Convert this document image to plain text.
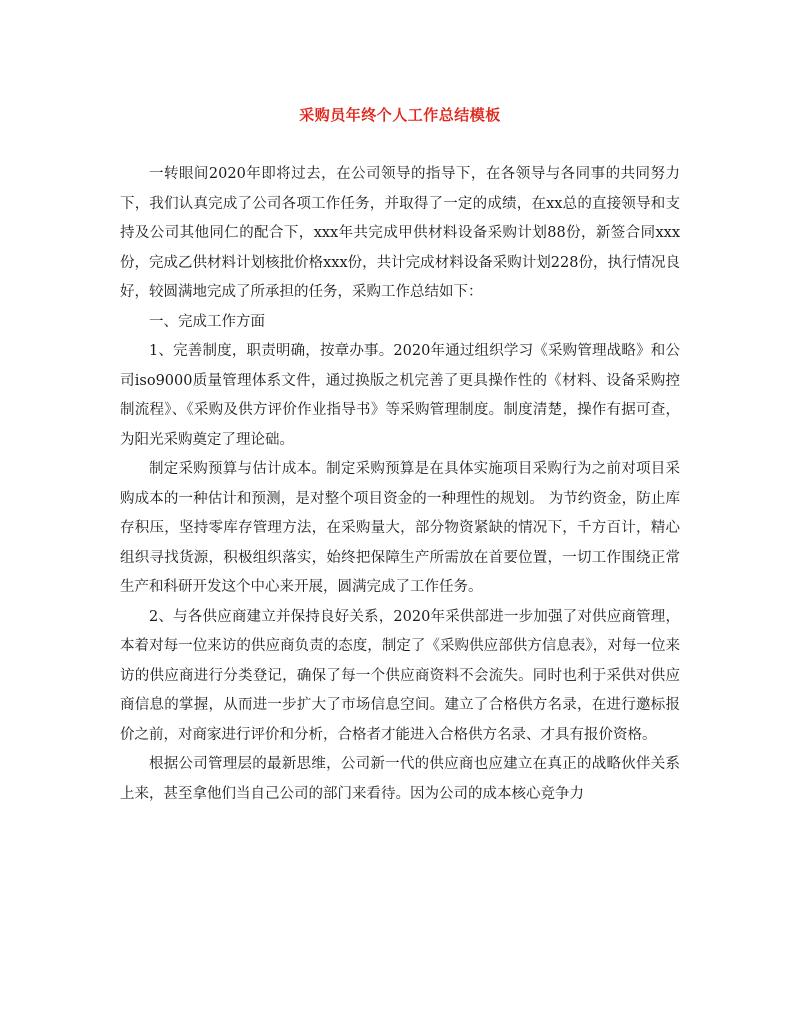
采购员年终个人工作总结模板

一转眼间2020年即将过去，在公司领导的指导下，在各领导与各同事的共同努力下，我们认真完成了公司各项工作任务，并取得了一定的成绩，在xx总的直接领导和支持及公司其他同仁的配合下，xxx年共完成甲供材料设备采购计划88份，新签合同xxx份，完成乙供材料计划核批价格xxx份，共计完成材料设备采购计划228份，执行情况良好，较圆满地完成了所承担的任务，采购工作总结如下：

一、完成工作方面

1、完善制度，职责明确，按章办事。2020年通过组织学习《采购管理战略》和公司iso9000质量管理体系文件，通过换版之机完善了更具操作性的《材料、设备采购控制流程》、《采购及供方评价作业指导书》等采购管理制度。制度清楚，操作有据可查，为阳光采购奠定了理论础。

制定采购预算与估计成本。制定采购预算是在具体实施项目采购行为之前对项目采购成本的一种估计和预测，是对整个项目资金的一种理性的规划。 为节约资金，防止库存积压，坚持零库存管理方法，在采购量大，部分物资紧缺的情况下，千方百计，精心组织寻找货源，积极组织落实，始终把保障生产所需放在首要位置，一切工作围绕正常生产和科研开发这个中心来开展，圆满完成了工作任务。

2、与各供应商建立并保持良好关系，2020年采供部进一步加强了对供应商管理，本着对每一位来访的供应商负责的态度，制定了《采购供应部供方信息表》，对每一位来访的供应商进行分类登记，确保了每一个供应商资料不会流失。同时也利于采供对供应商信息的掌握，从而进一步扩大了市场信息空间。建立了合格供方名录，在进行邀标报价之前，对商家进行评价和分析，合格者才能进入合格供方名录、才具有报价资格。

根据公司管理层的最新思维，公司新一代的供应商也应建立在真正的战略伙伴关系上来，甚至拿他们当自己公司的部门来看待。因为公司的成本核心竞争力
